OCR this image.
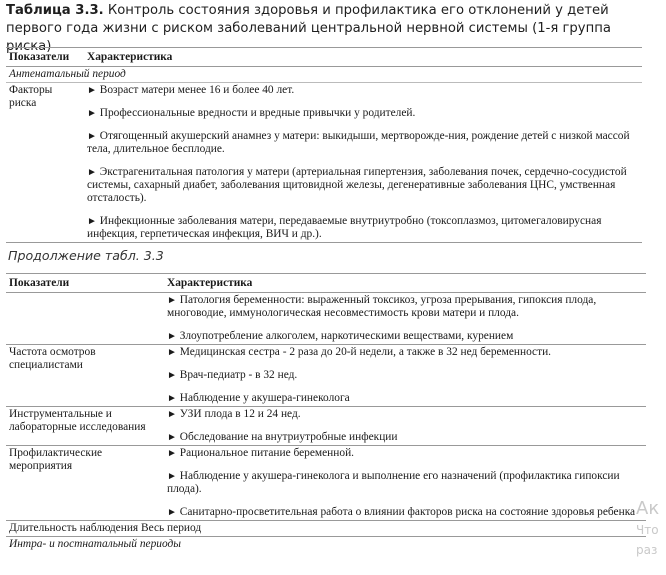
Таблица 3.3. Контроль состояния здоровья и профилактика его отклонений у детей первого года жизни с риском заболеваний центральной нервной системы (1-я группа риска)
Показатели	Характеристика
Антенатальный период	
Факторы риска	► Возраст матери менее 16 и более 40 лет.
► Профессиональные вредности и вредные привычки у родителей.
► Отягощенный акушерский анамнез у матери: выкидыши, мертворожде-ния, рождение детей с низкой массой тела, длительное бесплодие.
► Экстрагенитальная патология у матери (артериальная гипертензия, заболевания почек, сердечно-сосудистой системы, сахарный диабет, заболевания щитовидной железы, дегенеративные заболевания ЦНС, умственная отсталость).
► Инфекционные заболевания матери, передаваемые внутриутробно (токсоплазмоз, цитомегаловирусная инфекция, герпетическая инфекция, ВИЧ и др.).
Продолжение табл. 3.3
Показатели	Характеристика

	► Патология беременности: выраженный токсикоз, угроза прерывания, гипоксия плода, многоводие, иммунологическая несовместимость крови матери и плода.
► Злоупотребление алкоголем, наркотическими веществами, курением

Частота осмотров специалистами	► Медицинская сестра - 2 раза до 20-й недели, а также в 32 нед беременности.
► Врач-педиатр - в 32 нед.
► Наблюдение у акушера-гинеколога

Инструментальные и лабораторные исследования	► УЗИ плода в 12 и 24 нед.
► Обследование на внутриутробные инфекции

Профилактические мероприятия	► Рациональное питание беременной.
► Наблюдение у акушера-гинеколога и выполнение его назначений (профилактика гипоксии плода).
► Санитарно-просветительная работа о влиянии факторов риска на состояние здоровья ребенка

Длительность наблюдения Весь период	
Интра- и постнатальный периоды	
Ак
Что
раз
